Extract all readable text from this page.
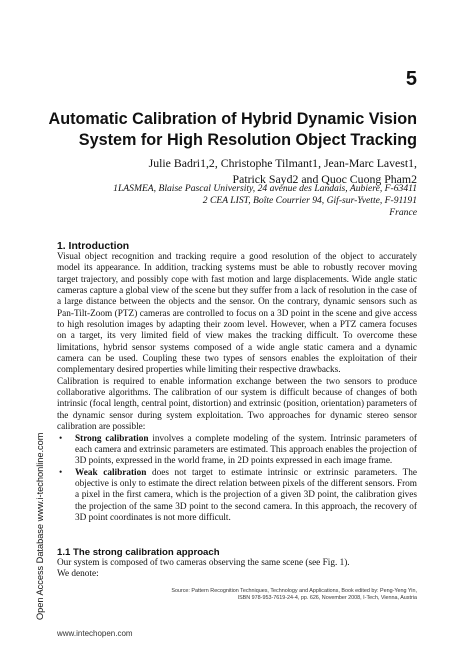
5
Automatic Calibration of Hybrid Dynamic Vision
System for High Resolution Object Tracking
Julie Badri1,2, Christophe Tilmant1, Jean-Marc Lavest1,
Patrick Sayd2 and Quoc Cuong Pham2
1LASMEA, Blaise Pascal University, 24 avenue des Landais, Aubiere, F-63411
2 CEA LIST, Boîte Courrier 94, Gif-sur-Yvette, F-91191
France
1. Introduction

Visual object recognition and tracking require a good resolution of the object to accurately model its appearance. In addition, tracking systems must be able to robustly recover moving target trajectory, and possibly cope with fast motion and large displacements. Wide angle static cameras capture a global view of the scene but they suffer from a lack of resolution in the case of a large distance between the objects and the sensor. On the contrary, dynamic sensors such as Pan-Tilt-Zoom (PTZ) cameras are controlled to focus on a 3D point in the scene and give access to high resolution images by adapting their zoom level. However, when a PTZ camera focuses on a target, its very limited field of view makes the tracking difficult. To overcome these limitations, hybrid sensor systems composed of a wide angle static camera and a dynamic camera can be used. Coupling these two types of sensors enables the exploitation of their complementary desired properties while limiting their respective drawbacks.

Calibration is required to enable information exchange between the two sensors to produce collaborative algorithms. The calibration of our system is difficult because of changes of both intrinsic (focal length, central point, distortion) and extrinsic (position, orientation) parameters of the dynamic sensor during system exploitation. Two approaches for dynamic stereo sensor calibration are possible:

• Strong calibration involves a complete modeling of the system. Intrinsic parameters of each camera and extrinsic parameters are estimated. This approach enables the projection of 3D points, expressed in the world frame, in 2D points expressed in each image frame.
• Weak calibration does not target to estimate intrinsic or extrinsic parameters. The objective is only to estimate the direct relation between pixels of the different sensors. From a pixel in the first camera, which is the projection of a given 3D point, the calibration gives the projection of the same 3D point to the second camera. In this approach, the recovery of 3D point coordinates is not more difficult.
1.1 The strong calibration approach

Our system is composed of two cameras observing the same scene (see Fig. 1).

We denote:

Source: Pattern Recognition Techniques, Technology and Applications, Book edited by: Peng-Yeng Yin,
ISBN 978-953-7619-24-4, pp. 626, November 2008, I-Tech, Vienna, Austria
www.intechopen.com
Open Access Database www.i-techonline.com
